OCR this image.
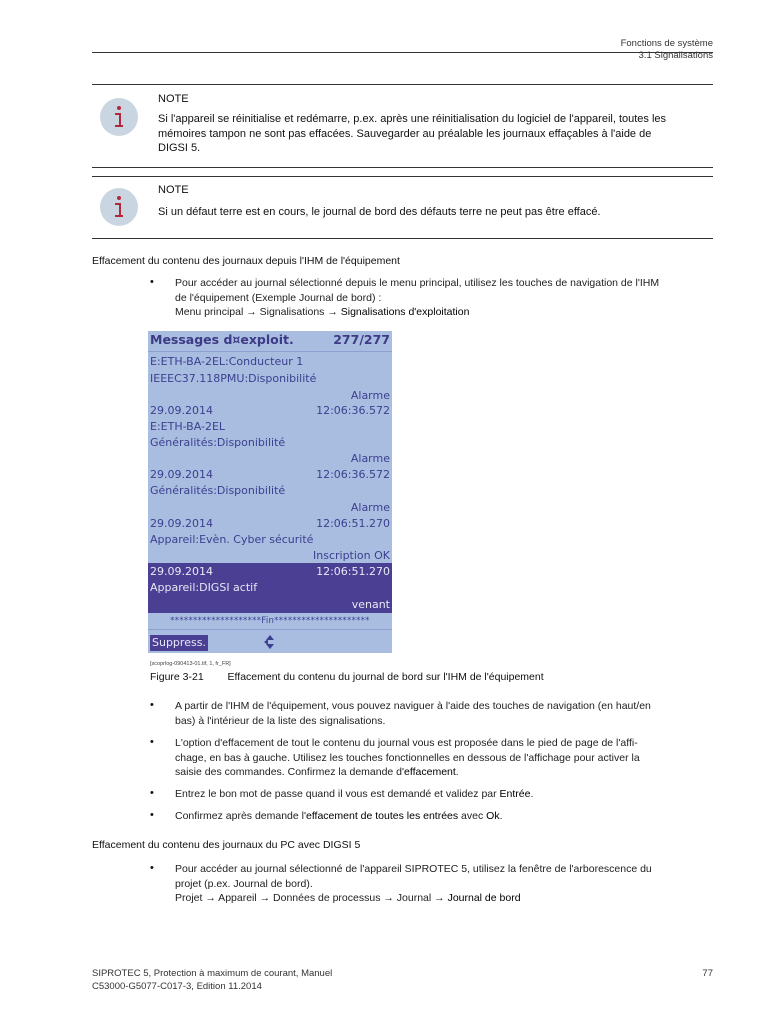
Fonctions de système
3.1 Signalisations
NOTE
Si l'appareil se réinitialise et redémarre, p.ex. après une réinitialisation du logiciel de l'appareil, toutes les
mémoires tampon ne sont pas effacées. Sauvegarder au préalable les journaux effaçables à l'aide de
DIGSI 5.
NOTE
Si un défaut terre est en cours, le journal de bord des défauts terre ne peut pas être effacé.
Effacement du contenu des journaux depuis l'IHM de l'équipement
• Pour accéder au journal sélectionné depuis le menu principal, utilisez les touches de navigation de l'IHM
de l'équipement (Exemple Journal de bord) :
Menu principal → Signalisations → Signalisations d'exploitation
Messages d¤exploit.	277/277
E:ETH-BA-2EL:Conducteur 1
IEEEC37.118PMU:Disponibilité
Alarme
29.09.2014	12:06:36.572
E:ETH-BA-2EL
Généralités:Disponibilité
Alarme
29.09.2014	12:06:36.572
Généralités:Disponibilité
Alarme
29.09.2014	12:06:51.270
Appareil:Evèn. Cyber sécurité
Inscription OK
29.09.2014	12:06:51.270
Appareil:DIGSI actif
venant
********************Fin*********************
Suppress.
[scoprlog-090413-01.tif, 1, fr_FR]
Figure 3-21 Effacement du contenu du journal de bord sur l'IHM de l'équipement
• A partir de l'IHM de l'équipement, vous pouvez naviguer à l'aide des touches de navigation (en haut/en
bas) à l'intérieur de la liste des signalisations.
• L'option d'effacement de tout le contenu du journal vous est proposée dans le pied de page de l'affi-
chage, en bas à gauche. Utilisez les touches fonctionnelles en dessous de l'affichage pour activer la
saisie des commandes. Confirmez la demande d'effacement.
• Entrez le bon mot de passe quand il vous est demandé et validez par Entrée.
• Confirmez après demande l'effacement de toutes les entrées avec Ok.
Effacement du contenu des journaux du PC avec DIGSI 5
• Pour accéder au journal sélectionné de l'appareil SIPROTEC 5, utilisez la fenêtre de l'arborescence du
projet (p.ex. Journal de bord).
Projet → Appareil → Données de processus → Journal → Journal de bord
SIPROTEC 5, Protection à maximum de courant, Manuel
C53000-G5077-C017-3, Edition 11.2014
77
